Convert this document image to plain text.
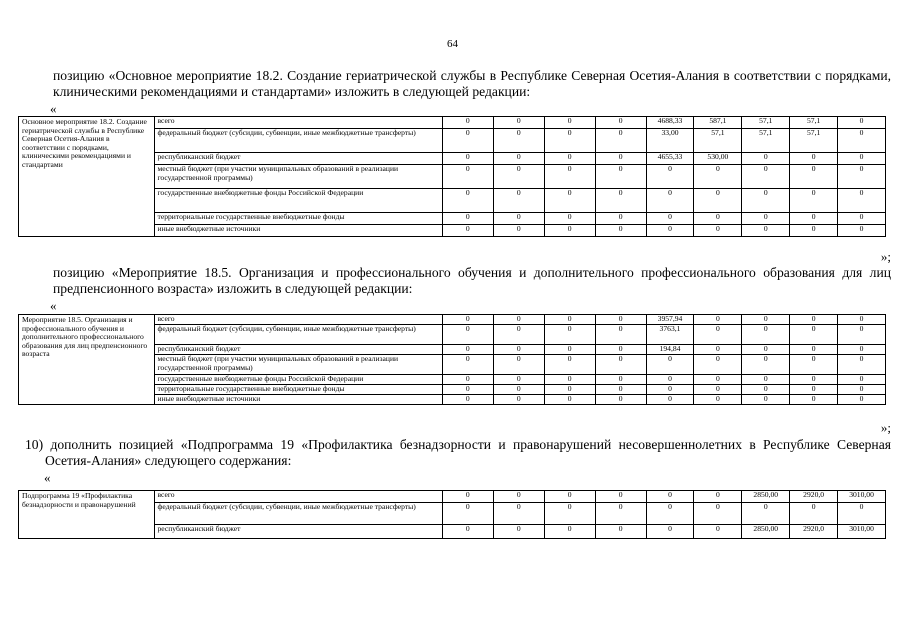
64
позицию «Основное мероприятие 18.2. Создание гериатрической службы в Республике Северная Осетия-Алания в соответствии с порядками, клиническими рекомендациями и стандартами» изложить в следующей редакции:
«
Основное мероприятие 18.2. Создание гериатрической службы в Республике Северная Осетия-Алания в соответствии с порядками, клиническими рекомендациями и стандартами	всего	0	0	0	0	4688,33	587,1	57,1	57,1	0
	федеральный бюджет (субсидии, субвенции, иные межбюджетные трансферты)	0	0	0	0	33,00	57,1	57,1	57,1	0
	республиканский бюджет	0	0	0	0	4655,33	530,00	0	0	0
	местный бюджет (при участии муниципальных образований в реализации государственной программы)	0	0	0	0	0	0	0	0	0
	государственные внебюджетные фонды Российской Федерации	0	0	0	0	0	0	0	0	0
	территориальные государственные внебюджетные фонды	0	0	0	0	0	0	0	0	0
	иные внебюджетные источники	0	0	0	0	0	0	0	0	0
»;
позицию «Мероприятие 18.5. Организация и профессионального обучения и дополнительного профессионального образования для лиц предпенсионного возраста» изложить в следующей редакции:
«
Мероприятие 18.5. Организация и профессионального обучения и дополнительного профессионального образования для лиц предпенсионного возраста	всего	0	0	0	0	3957,94	0	0	0	0
	федеральный бюджет (субсидии, субвенции, иные межбюджетные трансферты)	0	0	0	0	3763,1	0	0	0	0
	республиканский бюджет	0	0	0	0	194,84	0	0	0	0
	местный бюджет (при участии муниципальных образований в реализации государственной программы)	0	0	0	0	0	0	0	0	0
	государственные внебюджетные фонды Российской Федерации	0	0	0	0	0	0	0	0	0
	территориальные государственные внебюджетные фонды	0	0	0	0	0	0	0	0	0
	иные внебюджетные источники	0	0	0	0	0	0	0	0	0
»;
10) дополнить позицией «Подпрограмма 19 «Профилактика безнадзорности и правонарушений несовершеннолетних в Республике Северная Осетия-Алания» следующего содержания:
«
Подпрограмма 19 «Профилактика безнадзорности и правонарушений	всего	0	0	0	0	0	0	2850,00	2920,0	3010,00
	федеральный бюджет (субсидии, субвенции, иные межбюджетные трансферты)	0	0	0	0	0	0	0	0	0
	республиканский бюджет	0	0	0	0	0	0	2850,00	2920,0	3010,00
